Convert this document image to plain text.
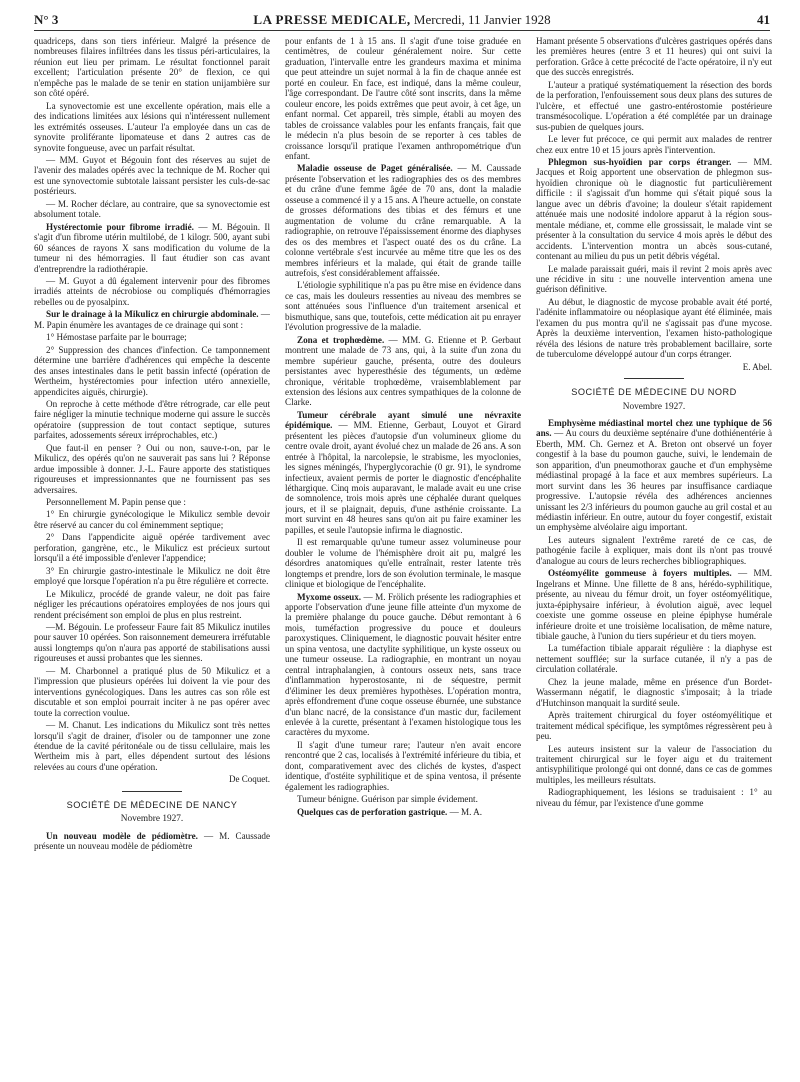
N° 3	LA PRESSE MEDICALE, Mercredi, 11 Janvier 1928	41

quadriceps, dans son tiers inférieur. Malgré la présence de nombreuses filaires infiltrées dans les tissus péri-articulaires, la réunion eut lieu per primam. Le résultat fonctionnel parait excellent; l'articulation présente 20° de flexion, ce qui n'empêche pas le malade de se tenir en station unijambière sur son côté opéré.

La synovectomie est une excellente opération, mais elle a des indications limitées aux lésions qui n'intéressent nullement les extrémités osseuses. L'auteur l'a employée dans un cas de synovite proliférante lipomateuse et dans 2 autres cas de synovite fongueuse, avec un parfait résultat.

— MM. Guyot et Bégouin font des réserves au sujet de l'avenir des malades opérés avec la technique de M. Rocher qui est une synovectomie subtotale laissant persister les culs-de-sac postérieurs.

— M. Rocher déclare, au contraire, que sa synovectomie est absolument totale.

Hystérectomie pour fibrome irradié. — M. Bégouin. Il s'agit d'un fibrome utérin multilobé, de 1 kilogr. 500, ayant subi 60 séances de rayons X sans modification du volume de la tumeur ni des hémorragies. Il faut étudier son cas avant d'entreprendre la radiothérapie.

— M. Guyot a dû également intervenir pour des fibromes irradiés atteints de nécrobiose ou compliqués d'hémorragies rebelles ou de pyosalpinx.

Sur le drainage à la Mikulicz en chirurgie abdominale. — M. Papin énumère les avantages de ce drainage qui sont :

1° Hémostase parfaite par le bourrage;

2° Suppression des chances d'infection. Ce tamponnement détermine une barrière d'adhérences qui empêche la descente des anses intestinales dans le petit bassin infecté (opération de Wertheim, hystérectomies pour infection utéro annexielle, appendicites aiguës, chirurgie).

On reproche à cette méthode d'être rétrograde, car elle peut faire négliger la minutie technique moderne qui assure le succès opératoire (suppression de tout contact septique, sutures parfaites, adossements séreux irréprochables, etc.)

Que faut-il en penser ? Oui ou non, sauve-t-on, par le Mikulicz, des opérés qu'on ne sauverait pas sans lui ? Réponse ardue impossible à donner. J.-L. Faure apporte des statistiques rigoureuses et impressionnantes que ne fournissent pas ses adversaires.

Personnellement M. Papin pense que :

1° En chirurgie gynécologique le Mikulicz semble devoir être réservé au cancer du col éminemment septique;

2° Dans l'appendicite aiguë opérée tardivement avec perforation, gangrène, etc., le Mikulicz est précieux surtout lorsqu'il a été impossible d'enlever l'appendice;

3° En chirurgie gastro-intestinale le Mikulicz ne doit être employé que lorsque l'opération n'a pu être régulière et correcte.

Le Mikulicz, procédé de grande valeur, ne doit pas faire négliger les précautions opératoires employées de nos jours qui rendent précisément son emploi de plus en plus restreint.

—M. Bégouin. Le professeur Faure fait 85 Mikulicz inutiles pour sauver 10 opérées. Son raisonnement demeurera irréfutable aussi longtemps qu'on n'aura pas apporté de stabilisations aussi rigoureuses et aussi probantes que les siennes.

— M. Charbonnel a pratiqué plus de 50 Mikulicz et a l'impression que plusieurs opérées lui doivent la vie pour des interventions gynécologiques. Dans les autres cas son rôle est discutable et son emploi pourrait inciter à ne pas opérer avec toute la correction voulue.

— M. Chanut. Les indications du Mikulicz sont très nettes lorsqu'il s'agit de drainer, d'isoler ou de tamponner une zone étendue de la cavité péritonéale ou de tissu cellulaire, mais les Wertheim mis à part, elles dépendent surtout des lésions relevées au cours d'une opération.

De Coquet.
SOCIÉTÉ DE MÉDECINE DE NANCY
Novembre 1927.

Un nouveau modèle de pédiomètre. — M. Caussade présente un nouveau modèle de pédiomètre

pour enfants de 1 à 15 ans. Il s'agit d'une toise graduée en centimètres, de couleur généralement noire. Sur cette graduation, l'intervalle entre les grandeurs maxima et minima que peut atteindre un sujet normal à la fin de chaque année est porté en couleur. En face, est indiqué, dans la même couleur, l'âge correspondant. De l'autre côté sont inscrits, dans la même couleur encore, les poids extrêmes que peut avoir, à cet âge, un enfant normal. Cet appareil, très simple, établi au moyen des tables de croissance valables pour les enfants français, fait que le médecin n'a plus besoin de se reporter à ces tables de croissance lorsqu'il pratique l'examen anthropométrique d'un enfant.

Maladie osseuse de Paget généralisée. — M. Caussade présente l'observation et les radiographies des os des membres et du crâne d'une femme âgée de 70 ans, dont la maladie osseuse a commencé il y a 15 ans. A l'heure actuelle, on constate de grosses déformations des tibias et des fémurs et une augmentation de volume du crâne remarquable. A la radiographie, on retrouve l'épaississement énorme des diaphyses des os des membres et l'aspect ouaté des os du crâne. La colonne vertébrale s'est incurvée au même titre que les os des membres inférieurs et la malade, qui était de grande taille autrefois, s'est considérablement affaissée.

L'étiologie syphilitique n'a pas pu être mise en évidence dans ce cas, mais les douleurs ressenties au niveau des membres se sont atténuées sous l'influence d'un traitement arsenical et bismuthique, sans que, toutefois, cette médication ait pu enrayer l'évolution progressive de la maladie.

Zona et trophœdème. — MM. G. Etienne et P. Gerbaut montrent une malade de 73 ans, qui, à la suite d'un zona du membre supérieur gauche, présenta, outre des douleurs persistantes avec hyperesthésie des téguments, un œdème chronique, véritable trophœdème, vraisemblablement par extension des lésions aux centres sympathiques de la colonne de Clarke.

Tumeur cérébrale ayant simulé une névraxite épidémique. — MM. Etienne, Gerbaut, Louyot et Girard présentent les pièces d'autopsie d'un volumineux gliome du centre ovale droit, ayant évolué chez un malade de 26 ans. A son entrée à l'hôpital, la narcolepsie, le strabisme, les myoclonies, les signes méningés, l'hyperglycorachie (0 gr. 91), le syndrome infectieux, avaient permis de porter le diagnostic d'encéphalite léthargique. Cinq mois auparavant, le malade avait eu une crise de somnolence, trois mois après une céphalée durant quelques jours, et il se plaignait, depuis, d'une asthénie croissante. La mort survint en 48 heures sans qu'on ait pu faire examiner les papilles, et seule l'autopsie infirma le diagnostic.

Il est remarquable qu'une tumeur assez volumineuse pour doubler le volume de l'hémisphère droit ait pu, malgré les désordres anatomiques qu'elle entraînait, rester latente très longtemps et prendre, lors de son évolution terminale, le masque clinique et biologique de l'encéphalite.

Myxome osseux. — M. Frölich présente les radiographies et apporte l'observation d'une jeune fille atteinte d'un myxome de la première phalange du pouce gauche. Début remontant à 6 mois, tuméfaction progressive du pouce et douleurs paroxystiques. Cliniquement, le diagnostic pouvait hésiter entre un spina ventosa, une dactylite syphilitique, un kyste osseux ou une tumeur osseuse. La radiographie, en montrant un noyau central intraphalangien, à contours osseux nets, sans trace d'inflammation hyperostosante, ni de séquestre, permit d'éliminer les deux premières hypothèses. L'opération montra, après effondrement d'une coque osseuse éburnée, une substance d'un blanc nacré, de la consistance d'un mastic dur, facilement enlevée à la curette, présentant à l'examen histologique tous les caractères du myxome.

Il s'agit d'une tumeur rare; l'auteur n'en avait encore rencontré que 2 cas, localisés à l'extrémité inférieure du tibia, et dont, comparativement avec des clichés de kystes, d'aspect identique, d'ostéite syphilitique et de spina ventosa, il présente également les radiographies.

Tumeur bénigne. Guérison par simple évidement.

Quelques cas de perforation gastrique. — M. A.

Hamant présente 5 observations d'ulcères gastriques opérés dans les premières heures (entre 3 et 11 heures) qui ont suivi la perforation. Grâce à cette précocité de l'acte opératoire, il n'y eut que des succès enregistrés.

L'auteur a pratiqué systématiquement la résection des bords de la perforation, l'enfouissement sous deux plans des sutures de l'ulcère, et effectué une gastro-entérostomie postérieure transmésocolique. L'opération a été complétée par un drainage sus-pubien de quelques jours.

Le lever fut précoce, ce qui permit aux malades de rentrer chez eux entre 10 et 15 jours après l'intervention.

Phlegmon sus-hyoïdien par corps étranger. — MM. Jacques et Roig apportent une observation de phlegmon sus-hyoïdien chronique où le diagnostic fut particulièrement difficile : il s'agissait d'un homme qui s'était piqué sous la langue avec un débris d'avoine; la douleur s'était rapidement atténuée mais une nodosité indolore apparut à la région sous-mentale médiane, et, comme elle grossissait, le malade vint se présenter à la consultation du service 4 mois après le début des accidents. L'intervention montra un abcès sous-cutané, contenant au milieu du pus un petit débris végétal.

Le malade paraissait guéri, mais il revint 2 mois après avec une récidive in situ : une nouvelle intervention amena une guérison définitive.

Au début, le diagnostic de mycose probable avait été porté, l'adénite inflammatoire ou néoplasique ayant été éliminée, mais l'examen du pus montra qu'il ne s'agissait pas d'une mycose. Après la deuxième intervention, l'examen histo-pathologique révéla des lésions de nature très probablement bacillaire, sorte de tuberculome développé autour d'un corps étranger.

E. Abel.
SOCIÉTÉ DE MÉDECINE DU NORD
Novembre 1927.

Emphysème médiastinal mortel chez une typhique de 56 ans. — Au cours du deuxième septénaire d'une dothiénentérie à Eberth, MM. Ch. Gernez et A. Breton ont observé un foyer congestif à la base du poumon gauche, suivi, le lendemain de son apparition, d'un pneumothorax gauche et d'un emphysème médiastinal propagé à la face et aux membres supérieurs. La mort survint dans les 36 heures par insuffisance cardiaque progressive. L'autopsie révéla des adhérences anciennes unissant les 2/3 inférieurs du poumon gauche au gril costal et au médiastin inférieur. En outre, autour du foyer congestif, existait un emphysème alvéolaire aigu important.

Les auteurs signalent l'extrême rareté de ce cas, de pathogénie facile à expliquer, mais dont ils n'ont pas trouvé d'analogue au cours de leurs recherches bibliographiques.

Ostéomyélite gommeuse à foyers multiples. — MM. Ingelrans et Minne. Une fillette de 8 ans, hérédo-syphilitique, présente, au niveau du fémur droit, un foyer ostéomyélitique, juxta-épiphysaire inférieur, à évolution aiguë, avec lequel coexiste une gomme osseuse en pleine épiphyse humérale inférieure droite et une troisième localisation, de même nature, tibiale gauche, à l'union du tiers supérieur et du tiers moyen.

La tuméfaction tibiale apparait régulière : la diaphyse est nettement soufflée; sur la surface cutanée, il n'y a pas de circulation collatérale.

Chez la jeune malade, même en présence d'un Bordet-Wassermann négatif, le diagnostic s'imposait; à la triade d'Hutchinson manquait la surdité seule.

Après traitement chirurgical du foyer ostéomyélitique et traitement médical spécifique, les symptômes régressèrent peu à peu.

Les auteurs insistent sur la valeur de l'association du traitement chirurgical sur le foyer aigu et du traitement antisyphilitique prolongé qui ont donné, dans ce cas de gommes multiples, les meilleurs résultats.

Radiographiquement, les lésions se traduisaient : 1° au niveau du fémur, par l'existence d'une gomme
